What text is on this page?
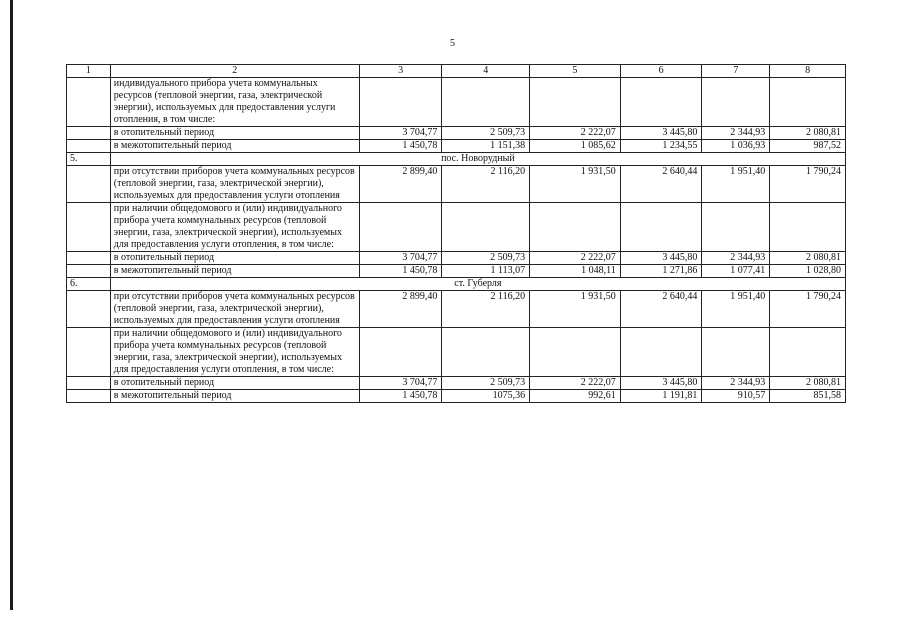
5
1	2	3	4	5	6	7	8
	индивидуального прибора учета коммунальных ресурсов (тепловой энергии, газа, электрической энергии), используемых для предоставления услуги отопления, в том числе:						
	в отопительный период	3 704,77	2 509,73	2 222,07	3 445,80	2 344,93	2 080,81
	в межотопительный период	1 450,78	1 151,38	1 085,62	1 234,55	1 036,93	987,52
5.	пос. Новорудный						
	при отсутствии приборов учета коммунальных ресурсов (тепловой энергии, газа, электрической энергии), используемых для предоставления услуги отопления	2 899,40	2 116,20	1 931,50	2 640,44	1 951,40	1 790,24
	при наличии общедомового и (или) индивидуального прибора учета коммунальных ресурсов (тепловой энергии, газа, электрической энергии), используемых для предоставления услуги отопления, в том числе:						
	в отопительный период	3 704,77	2 509,73	2 222,07	3 445,80	2 344,93	2 080,81
	в межотопительный период	1 450,78	1 113,07	1 048,11	1 271,86	1 077,41	1 028,80
6.	ст. Губерля						
	при отсутствии приборов учета коммунальных ресурсов (тепловой энергии, газа, электрической энергии), используемых для предоставления услуги отопления	2 899,40	2 116,20	1 931,50	2 640,44	1 951,40	1 790,24
	при наличии общедомового и (или) индивидуального прибора учета коммунальных ресурсов (тепловой энергии, газа, электрической энергии), используемых для предоставления услуги отопления, в том числе:						
	в отопительный период	3 704,77	2 509,73	2 222,07	3 445,80	2 344,93	2 080,81
	в межотопительный период	1 450,78	1075,36	992,61	1 191,81	910,57	851,58
